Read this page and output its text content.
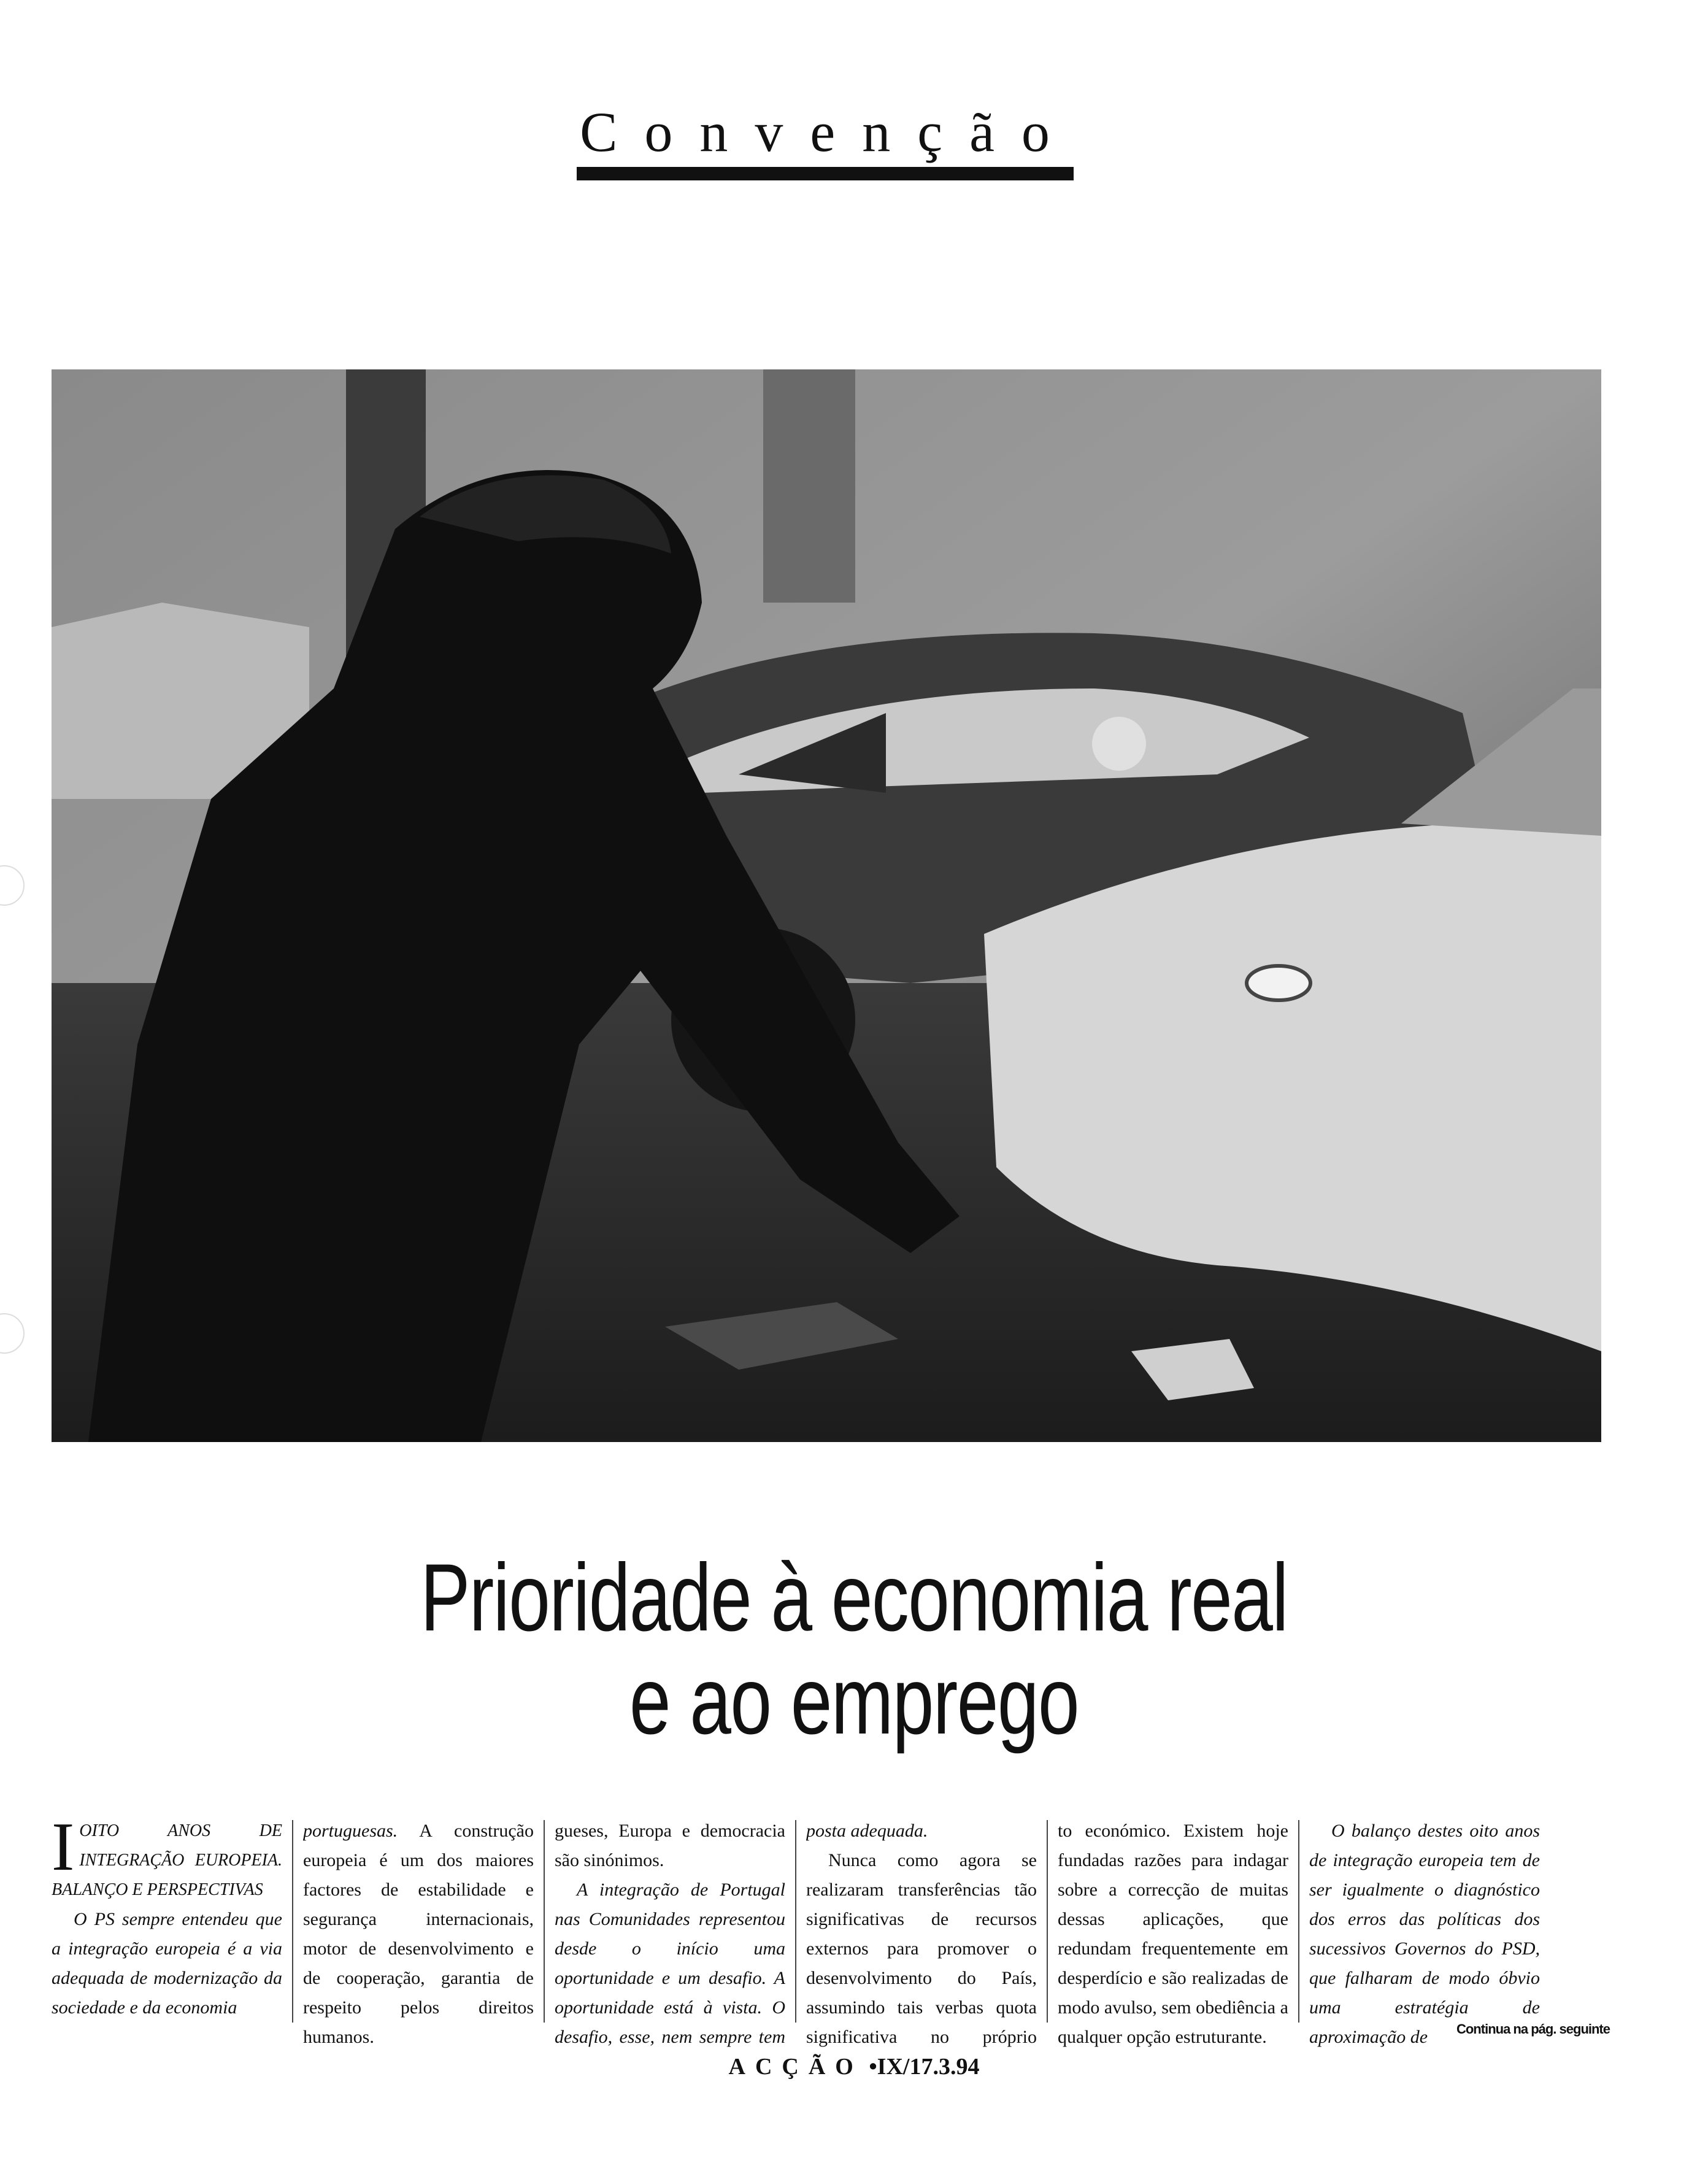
Convenção
Prioridade à economia real
e ao emprego

I OITO ANOS DE INTEGRAÇÃO EUROPEIA. BALANÇO E PERSPECTIVAS

O PS sempre entendeu que a integração europeia é a via adequada de modernização da sociedade e da economia

portuguesas. A construção europeia é um dos maiores factores de estabilidade e segurança internacionais, motor de desenvolvimento e de cooperação, garantia de respeito pelos direitos humanos.

gueses, Europa e democracia são sinónimos.

A integração de Portugal nas Comunidades representou desde o início uma oportunidade e um desafio. A oportunidade está à vista. O desafio, esse, nem sempre tem

posta adequada.

Nunca como agora se realizaram transferências tão significativas de recursos externos para promover o desenvolvimento do País, assumindo tais verbas quota significativa no próprio

to económico. Existem hoje fundadas razões para indagar sobre a correcção de muitas dessas aplicações, que redundam frequentemente em desperdício e são realizadas de modo avulso, sem obediência a qualquer opção estruturante.

O balanço destes oito anos de integração europeia tem de ser igualmente o diagnóstico dos erros das políticas dos sucessivos Governos do PSD, que falharam de modo óbvio uma estratégia de aproximação de	Continua na pág. seguinte
ACÇÃO •IX/17.3.94
